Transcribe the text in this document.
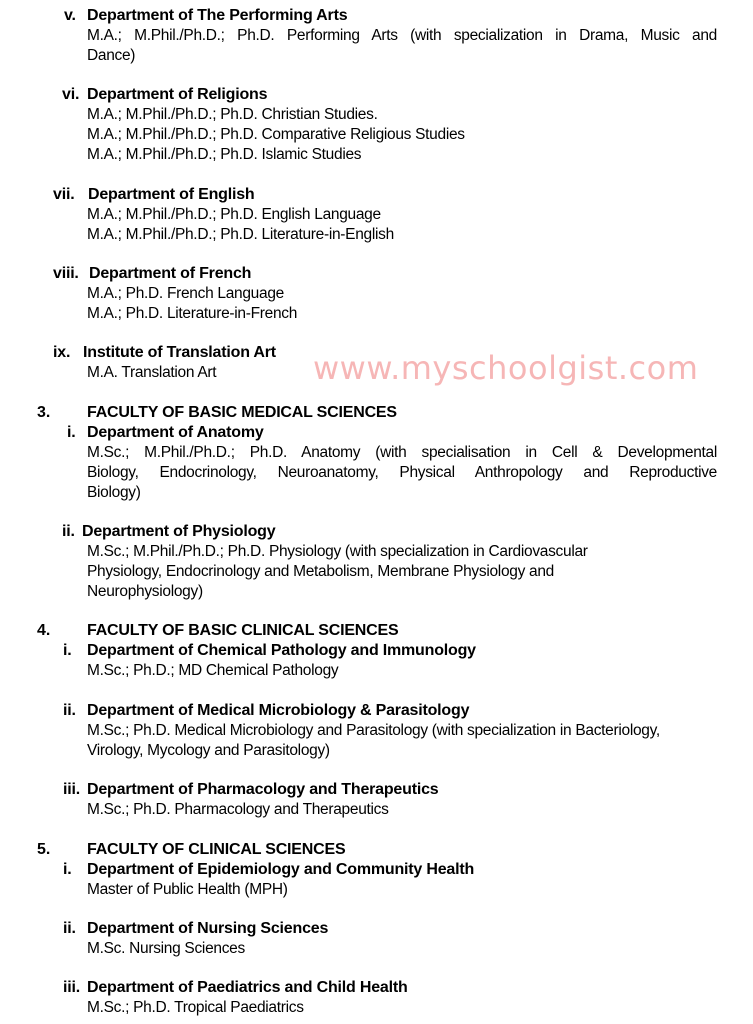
v. Department of The Performing Arts
M.A.; M.Phil./Ph.D.; Ph.D. Performing Arts (with specialization in Drama, Music and
Dance)
vi. Department of Religions
M.A.; M.Phil./Ph.D.; Ph.D. Christian Studies.
M.A.; M.Phil./Ph.D.; Ph.D. Comparative Religious Studies
M.A.; M.Phil./Ph.D.; Ph.D. Islamic Studies
vii. Department of English
M.A.; M.Phil./Ph.D.; Ph.D. English Language
M.A.; M.Phil./Ph.D.; Ph.D. Literature-in-English
viii. Department of French
M.A.; Ph.D. French Language
M.A.; Ph.D. Literature-in-French
ix. Institute of Translation Art
M.A. Translation Art	www.myschoolgist.com
3. FACULTY OF BASIC MEDICAL SCIENCES
i. Department of Anatomy
M.Sc.; M.Phil./Ph.D.; Ph.D. Anatomy (with specialisation in Cell & Developmental
Biology, Endocrinology, Neuroanatomy, Physical Anthropology and Reproductive
Biology)
ii. Department of Physiology
M.Sc.; M.Phil./Ph.D.; Ph.D. Physiology (with specialization in Cardiovascular
Physiology, Endocrinology and Metabolism, Membrane Physiology and
Neurophysiology)
4. FACULTY OF BASIC CLINICAL SCIENCES
i. Department of Chemical Pathology and Immunology
M.Sc.; Ph.D.; MD Chemical Pathology
ii. Department of Medical Microbiology & Parasitology
M.Sc.; Ph.D. Medical Microbiology and Parasitology (with specialization in Bacteriology,
Virology, Mycology and Parasitology)
iii. Department of Pharmacology and Therapeutics
M.Sc.; Ph.D. Pharmacology and Therapeutics
5. FACULTY OF CLINICAL SCIENCES
i. Department of Epidemiology and Community Health
Master of Public Health (MPH)
ii. Department of Nursing Sciences
M.Sc. Nursing Sciences
iii. Department of Paediatrics and Child Health
M.Sc.; Ph.D. Tropical Paediatrics
